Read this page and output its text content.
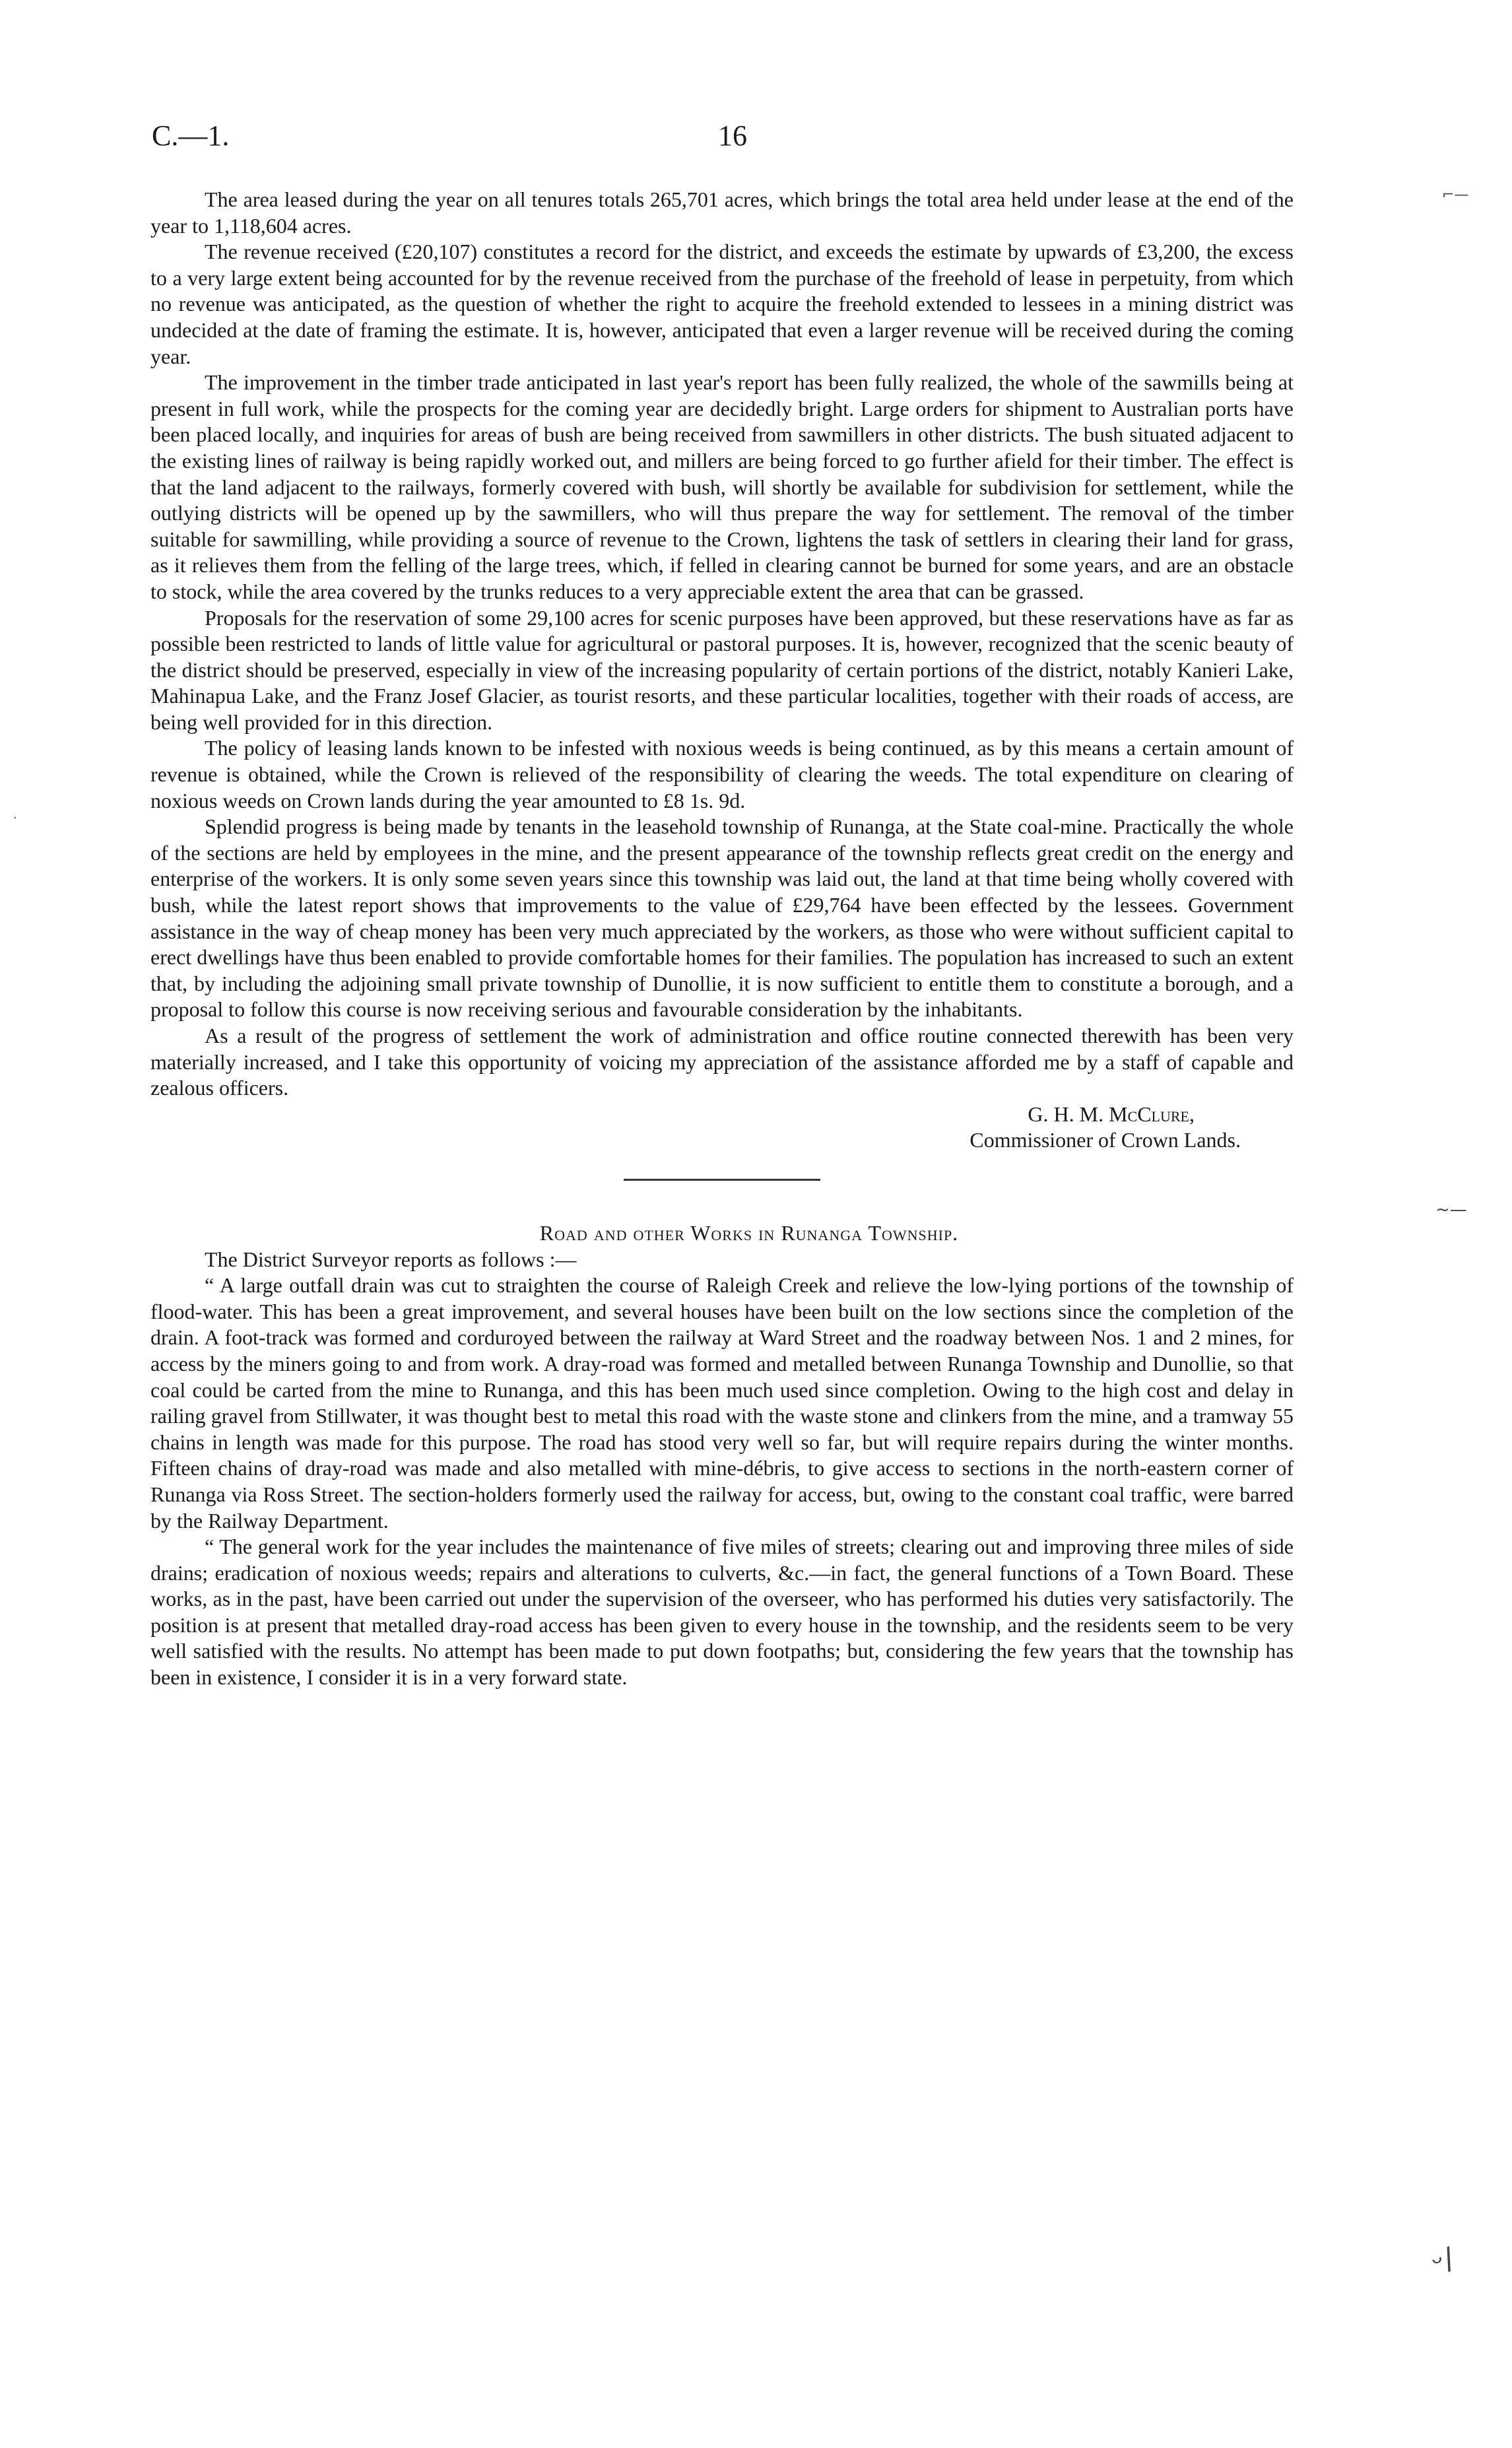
C.—1.	16

The area leased during the year on all tenures totals 265,701 acres, which brings the total area held under lease at the end of the year to 1,118,604 acres.

The revenue received (£20,107) constitutes a record for the district, and exceeds the estimate by upwards of £3,200, the excess to a very large extent being accounted for by the revenue received from the purchase of the freehold of lease in perpetuity, from which no revenue was anticipated, as the question of whether the right to acquire the freehold extended to lessees in a mining district was undecided at the date of framing the estimate. It is, however, anticipated that even a larger revenue will be received during the coming year.

The improvement in the timber trade anticipated in last year's report has been fully realized, the whole of the sawmills being at present in full work, while the prospects for the coming year are decidedly bright. Large orders for shipment to Australian ports have been placed locally, and inquiries for areas of bush are being received from sawmillers in other districts. The bush situated adjacent to the existing lines of railway is being rapidly worked out, and millers are being forced to go further afield for their timber. The effect is that the land adjacent to the railways, formerly covered with bush, will shortly be available for subdivision for settlement, while the outlying districts will be opened up by the sawmillers, who will thus prepare the way for settlement. The removal of the timber suitable for sawmilling, while providing a source of revenue to the Crown, lightens the task of settlers in clearing their land for grass, as it relieves them from the felling of the large trees, which, if felled in clearing cannot be burned for some years, and are an obstacle to stock, while the area covered by the trunks reduces to a very appreciable extent the area that can be grassed.

Proposals for the reservation of some 29,100 acres for scenic purposes have been approved, but these reservations have as far as possible been restricted to lands of little value for agricultural or pastoral purposes. It is, however, recognized that the scenic beauty of the district should be preserved, especially in view of the increasing popularity of certain portions of the district, notably Kanieri Lake, Mahinapua Lake, and the Franz Josef Glacier, as tourist resorts, and these particular localities, together with their roads of access, are being well provided for in this direction.

The policy of leasing lands known to be infested with noxious weeds is being continued, as by this means a certain amount of revenue is obtained, while the Crown is relieved of the responsibility of clearing the weeds. The total expenditure on clearing of noxious weeds on Crown lands during the year amounted to £8 1s. 9d.

Splendid progress is being made by tenants in the leasehold township of Runanga, at the State coal-mine. Practically the whole of the sections are held by employees in the mine, and the present appearance of the township reflects great credit on the energy and enterprise of the workers. It is only some seven years since this township was laid out, the land at that time being wholly covered with bush, while the latest report shows that improvements to the value of £29,764 have been effected by the lessees. Government assistance in the way of cheap money has been very much appreciated by the workers, as those who were without sufficient capital to erect dwellings have thus been enabled to provide comfortable homes for their families. The population has increased to such an extent that, by including the adjoining small private township of Dunollie, it is now sufficient to entitle them to constitute a borough, and a proposal to follow this course is now receiving serious and favourable consideration by the inhabitants.

As a result of the progress of settlement the work of administration and office routine connected therewith has been very materially increased, and I take this opportunity of voicing my appreciation of the assistance afforded me by a staff of capable and zealous officers.

G. H. M. McClure,

Commissioner of Crown Lands.

Road and other Works in Runanga Township.

The District Surveyor reports as follows :—

“ A large outfall drain was cut to straighten the course of Raleigh Creek and relieve the low-lying portions of the township of flood-water. This has been a great improvement, and several houses have been built on the low sections since the completion of the drain. A foot-track was formed and corduroyed between the railway at Ward Street and the roadway between Nos. 1 and 2 mines, for access by the miners going to and from work. A dray-road was formed and metalled between Runanga Township and Dunollie, so that coal could be carted from the mine to Runanga, and this has been much used since completion. Owing to the high cost and delay in railing gravel from Stillwater, it was thought best to metal this road with the waste stone and clinkers from the mine, and a tramway 55 chains in length was made for this purpose. The road has stood very well so far, but will require repairs during the winter months. Fifteen chains of dray-road was made and also metalled with mine-débris, to give access to sections in the north-eastern corner of Runanga via Ross Street. The section-holders formerly used the railway for access, but, owing to the constant coal traffic, were barred by the Railway Department.

“ The general work for the year includes the maintenance of five miles of streets; clearing out and improving three miles of side drains; eradication of noxious weeds; repairs and alterations to culverts, &c.—in fact, the general functions of a Town Board. These works, as in the past, have been carried out under the supervision of the overseer, who has performed his duties very satisfactorily. The position is at present that metalled dray-road access has been given to every house in the township, and the residents seem to be very well satisfied with the results. No attempt has been made to put down footpaths; but, considering the few years that the township has been in existence, I consider it is in a very forward state.

⌐—
·
~—
ᵕ∕
